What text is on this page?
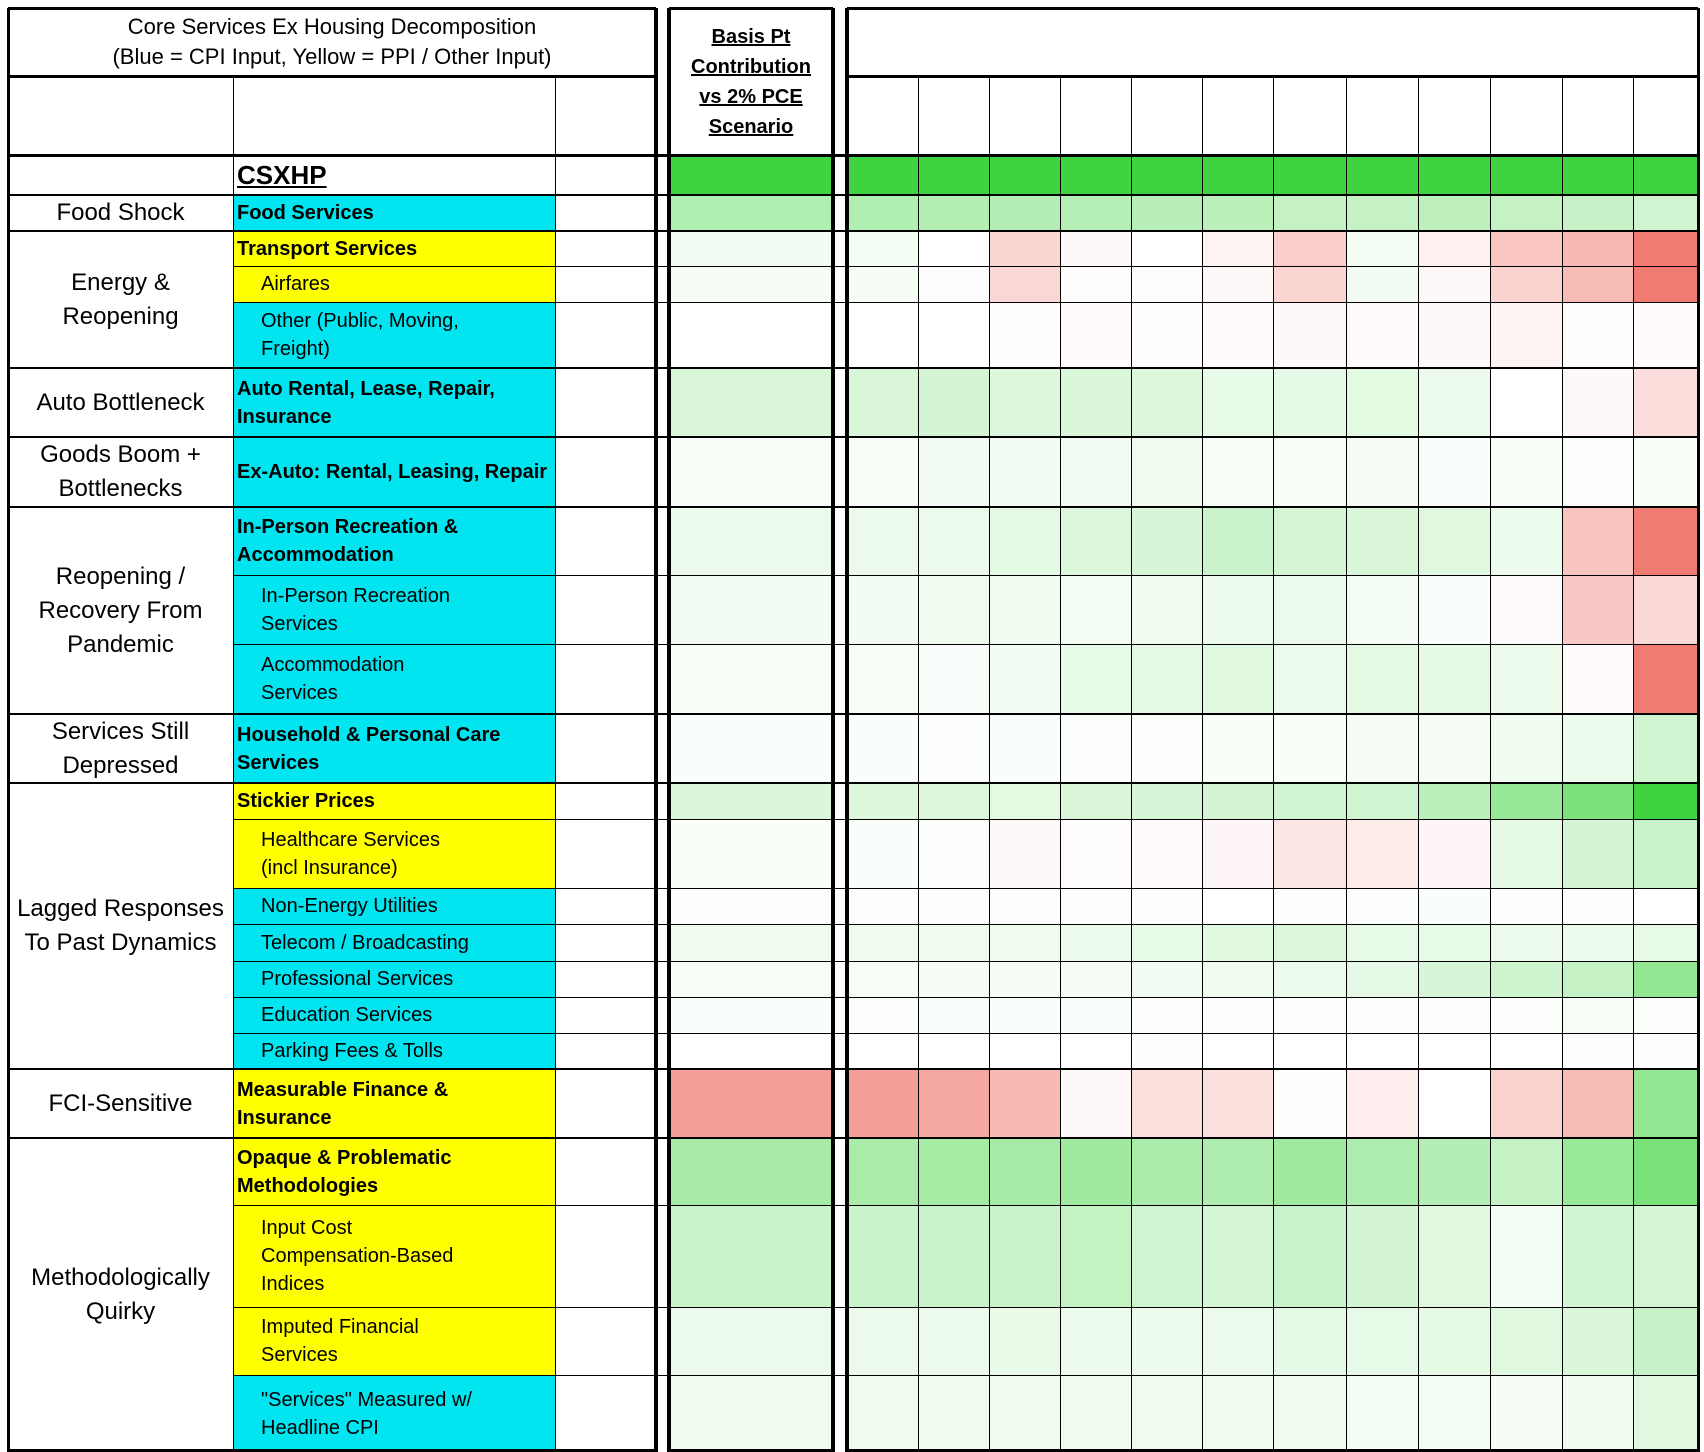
Core Services Ex Housing Decomposition
(Blue = CPI Input, Yellow = PPI / Other Input)
Basis Pt
Contribution
vs 2% PCE
Scenario
Food Shock
Energy &
Reopening
Auto Bottleneck
Goods Boom +
Bottlenecks
Reopening /
Recovery From
Pandemic
Services Still
Depressed
Lagged Responses
To Past Dynamics
FCI-Sensitive
Methodologically
Quirky
CSXHP
Food Services
Transport Services
Airfares
Other (Public, Moving,
Freight)
Auto Rental, Lease, Repair,
Insurance
Ex-Auto: Rental, Leasing, Repair
In-Person Recreation &
Accommodation
In-Person Recreation
Services
Accommodation
Services
Household & Personal Care
Services
Stickier Prices
Healthcare Services
(incl Insurance)
Non-Energy Utilities
Telecom / Broadcasting
Professional Services
Education Services
Parking Fees & Tolls
Measurable Finance &
Insurance
Opaque & Problematic
Methodologies
Input Cost
Compensation-Based
Indices
Imputed Financial
Services
"Services" Measured w/
Headline CPI
